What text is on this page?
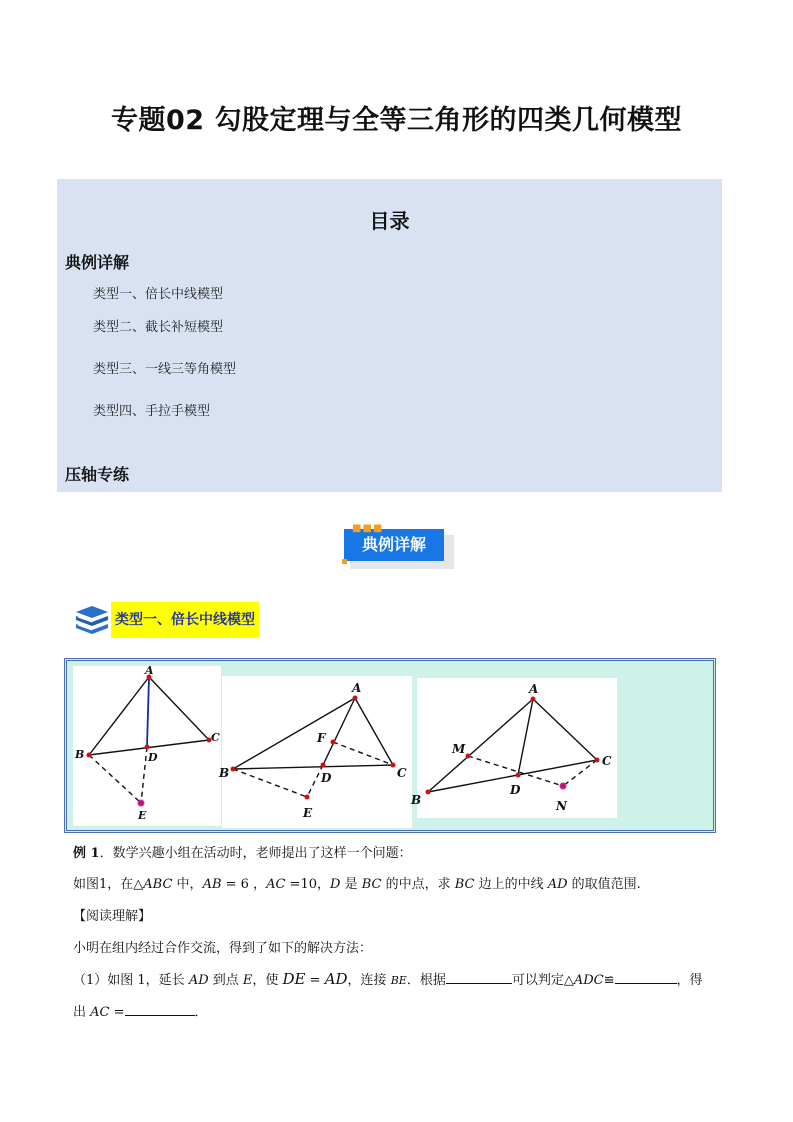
专题02 勾股定理与全等三角形的四类几何模型
目录
典例详解
类型一、倍长中线模型
类型二、截长补短模型
类型三、一线三等角模型
类型四、手拉手模型
压轴专练
典例详解
■■■
类型一、倍长中线模型
A
B
C
D
E
A
B	C
D
E
F
A
B
C
D
M
N
例 1．数学兴趣小组在活动时，老师提出了这样一个问题：
如图1，在△ABC 中，AB = 6 ，AC =10，D 是 BC 的中点，求 BC 边上的中线 AD 的取值范围.
【阅读理解】
小明在组内经过合作交流，得到了如下的解决方法：
（1）如图 1，延长 AD 到点 E，使 DE = AD，连接 BE．根据	可以判定△ADC≌	，得
出 AC =	．
